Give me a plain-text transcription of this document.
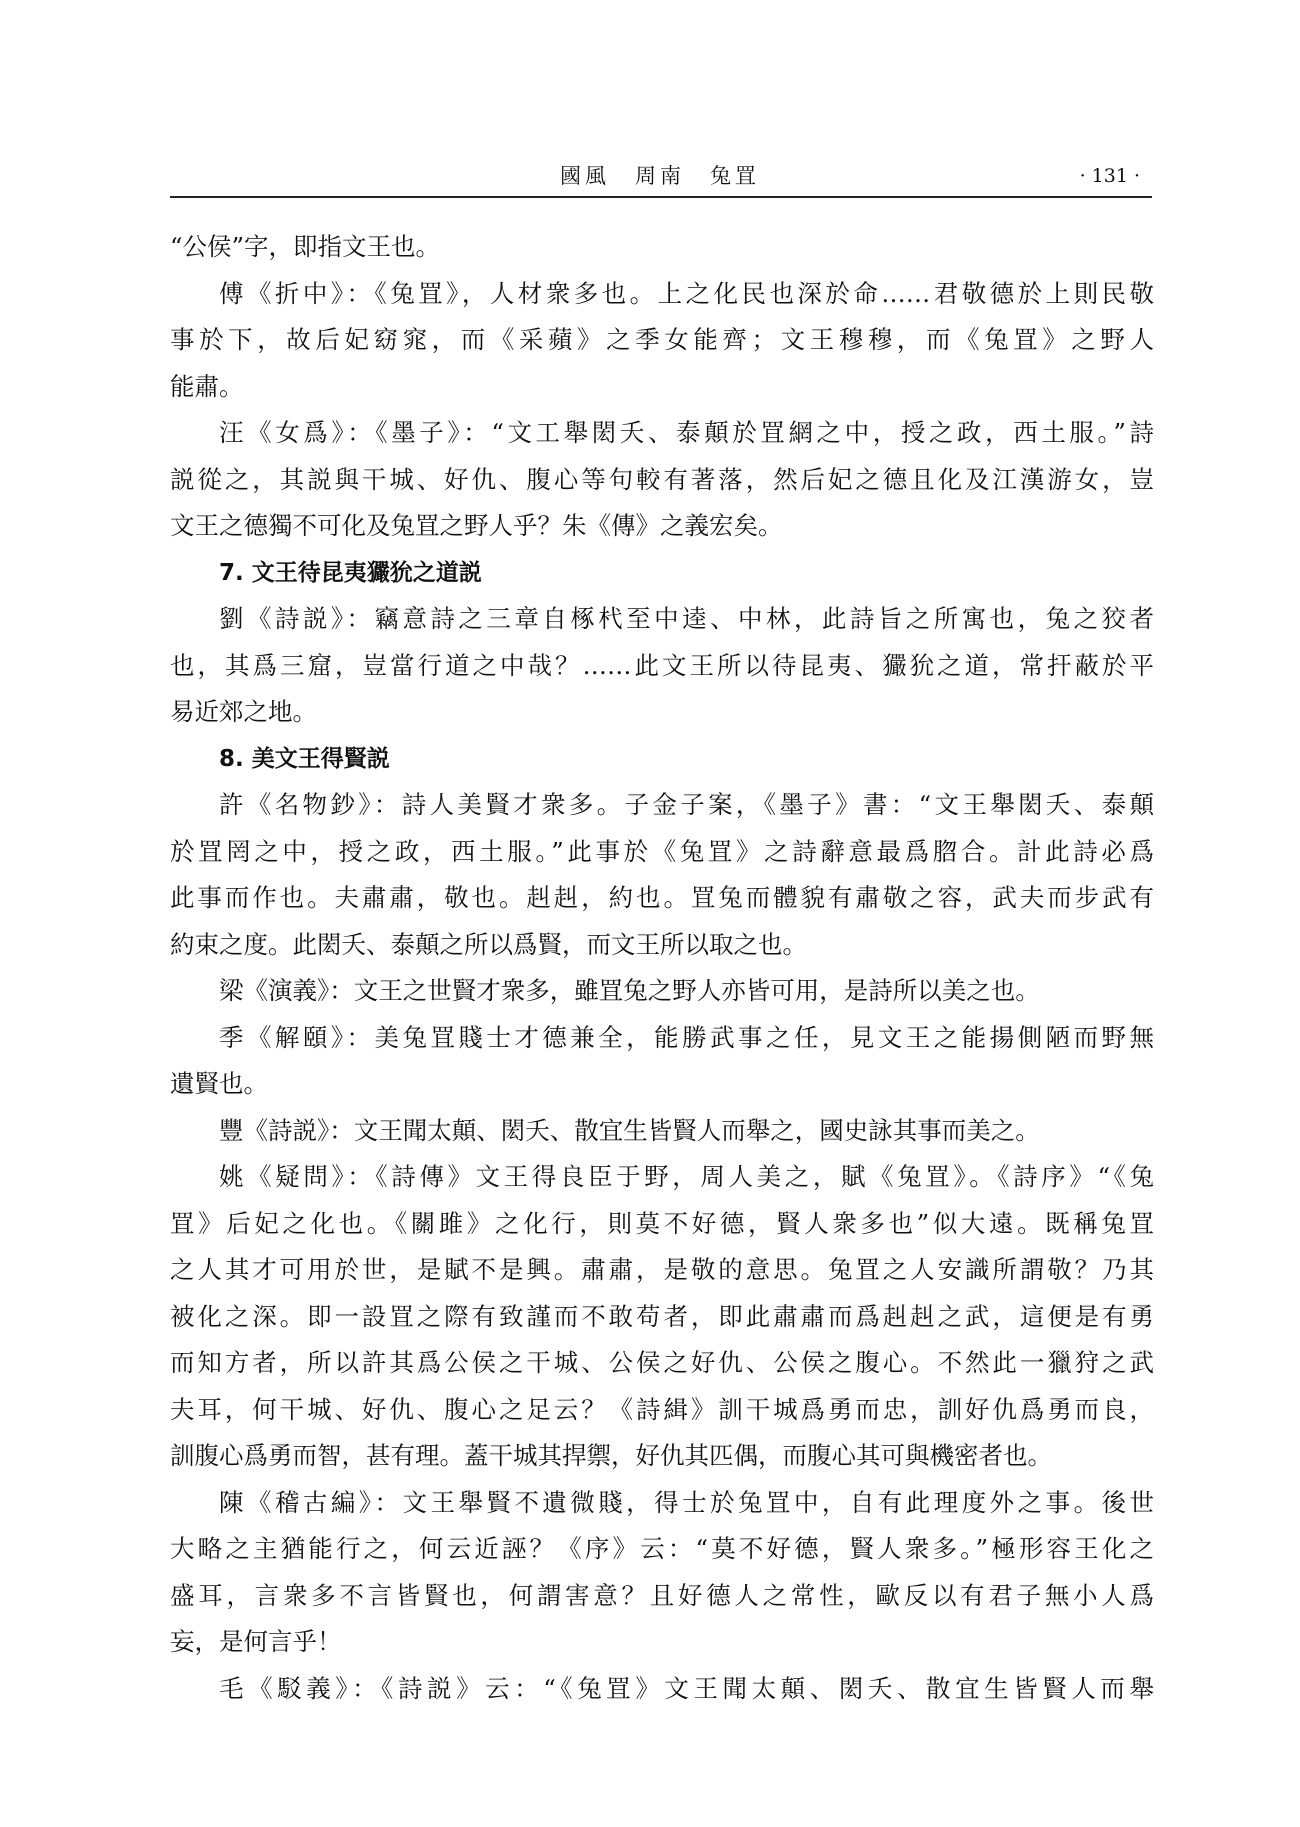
國風　周南　兔罝	· 131 ·
“公侯”字，即指文王也。
傅《折中》：《兔罝》，人材衆多也。上之化民也深於命……君敬德於上則民敬
事於下，故后妃窈窕，而《采蘋》之季女能齊；文王穆穆，而《兔罝》之野人
能肅。
汪《女爲》：《墨子》：“文工舉閎夭、泰顛於罝網之中，授之政，西土服。”詩
説從之，其説與干城、好仇、腹心等句較有著落，然后妃之德且化及江漢游女，豈
文王之德獨不可化及兔罝之野人乎？朱《傳》之義宏矣。
7. 文王待昆夷玁狁之道説
劉《詩説》：竊意詩之三章自椓杙至中逵、中林，此詩旨之所寓也，兔之狡者
也，其爲三窟，豈當行道之中哉？……此文王所以待昆夷、玁狁之道，常扞蔽於平
易近郊之地。
8. 美文王得賢説
許《名物鈔》：詩人美賢才衆多。子金子案，《墨子》書：“文王舉閎夭、泰顛
於罝罔之中，授之政，西土服。”此事於《兔罝》之詩辭意最爲脗合。計此詩必爲
此事而作也。夫肅肅，敬也。赳赳，約也。罝兔而體貌有肅敬之容，武夫而步武有
約束之度。此閎夭、泰顛之所以爲賢，而文王所以取之也。
梁《演義》：文王之世賢才衆多，雖罝兔之野人亦皆可用，是詩所以美之也。
季《解頤》：美兔罝賤士才德兼全，能勝武事之任，見文王之能揚側陋而野無
遺賢也。
豐《詩説》：文王聞太顛、閎夭、散宜生皆賢人而舉之，國史詠其事而美之。
姚《疑問》：《詩傳》文王得良臣于野，周人美之，賦《兔罝》。《詩序》“《兔
罝》后妃之化也。《關雎》之化行，則莫不好德，賢人衆多也”似大遠。既稱兔罝
之人其才可用於世，是賦不是興。肅肅，是敬的意思。兔罝之人安識所謂敬？乃其
被化之深。即一設罝之際有致謹而不敢苟者，即此肅肅而爲赳赳之武，這便是有勇
而知方者，所以許其爲公侯之干城、公侯之好仇、公侯之腹心。不然此一獵狩之武
夫耳，何干城、好仇、腹心之足云？《詩緝》訓干城爲勇而忠，訓好仇爲勇而良，
訓腹心爲勇而智，甚有理。蓋干城其捍禦，好仇其匹偶，而腹心其可與機密者也。
陳《稽古編》：文王舉賢不遺微賤，得士於兔罝中，自有此理度外之事。後世
大略之主猶能行之，何云近誣？《序》云：“莫不好德，賢人衆多。”極形容王化之
盛耳，言衆多不言皆賢也，何謂害意？且好德人之常性，歐反以有君子無小人爲
妄，是何言乎！
毛《駁義》：《詩説》云：“《兔罝》文王聞太顛、閎夭、散宜生皆賢人而舉
